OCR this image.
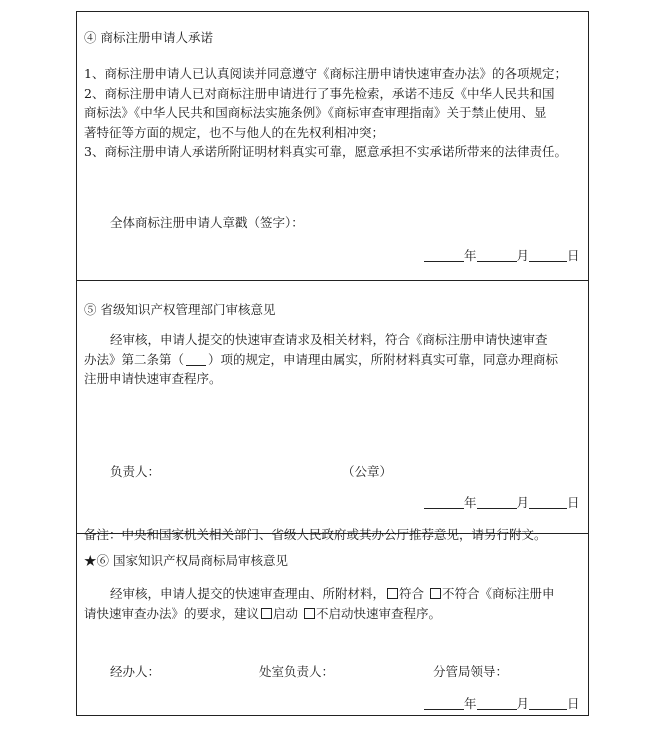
④ 商标注册申请人承诺

1、商标注册申请人已认真阅读并同意遵守《商标注册申请快速审查办法》的各项规定；

2、商标注册申请人已对商标注册申请进行了事先检索，承诺不违反《中华人民共和国

商标法》《中华人民共和国商标法实施条例》《商标审查审理指南》关于禁止使用、显

著特征等方面的规定，也不与他人的在先权利相冲突；

3、商标注册申请人承诺所附证明材料真实可靠，愿意承担不实承诺所带来的法律责任。

全体商标注册申请人章戳（签字）：
年	月	日
⑤ 省级知识产权管理部门审核意见

经审核，申请人提交的快速审查请求及相关材料，符合《商标注册申请快速审查

办法》第二条第（ ）项的规定，申请理由属实，所附材料真实可靠，同意办理商标

注册申请快速审查程序。

负责人：	（公章）
年	月	日
备注：中央和国家机关相关部门、省级人民政府或其办公厅推荐意见，请另行附文。
★⑥ 国家知识产权局商标局审核意见

经审核，申请人提交的快速审查理由、所附材料， 符合 不符合《商标注册申

请快速审查办法》的要求，建议 启动 不启动快速审查程序。

经办人：	处室负责人：	分管局领导：
年	月	日
